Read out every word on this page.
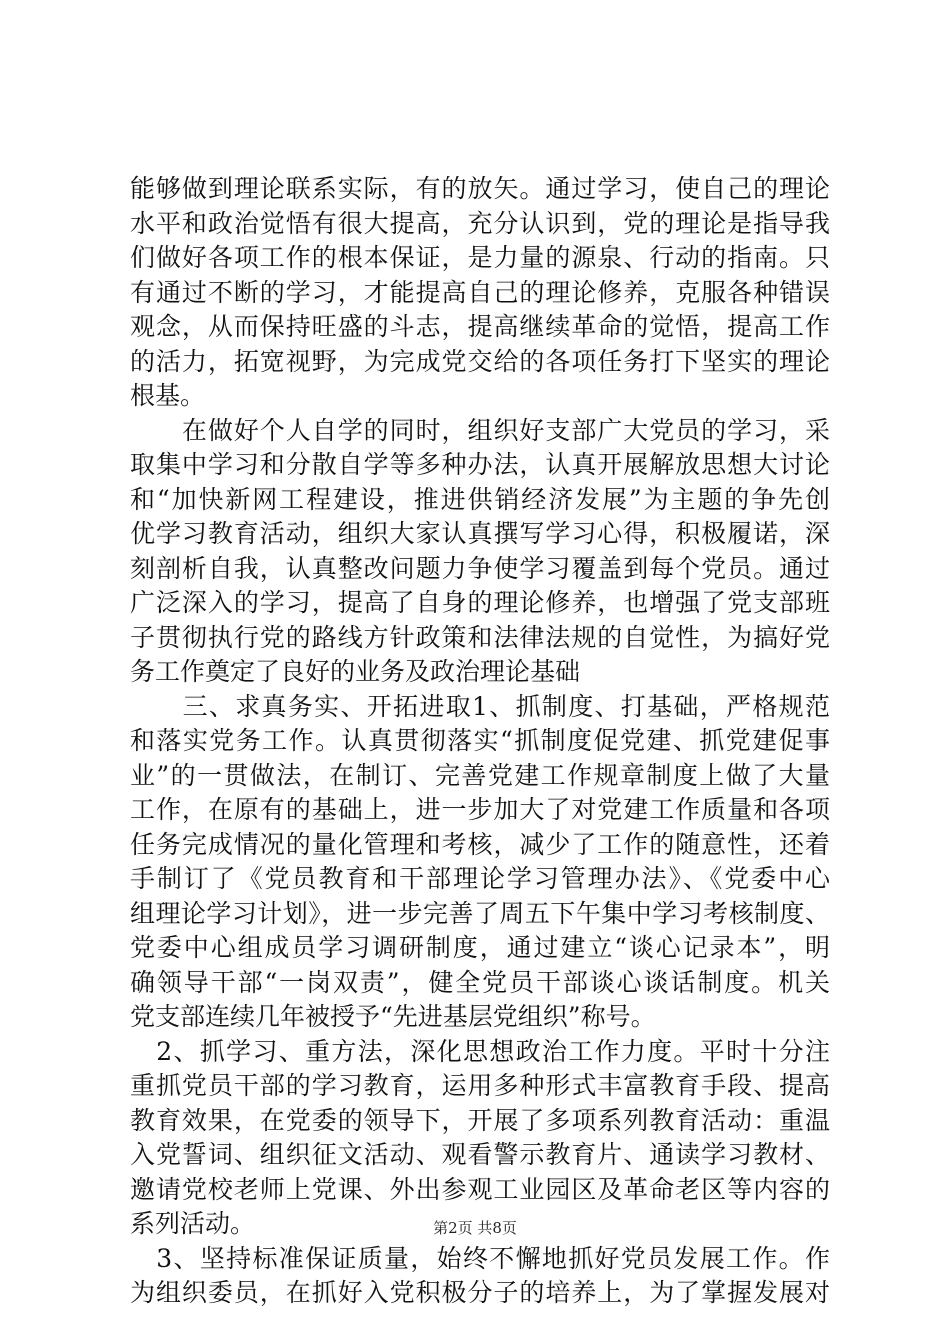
能够做到理论联系实际，有的放矢。通过学习，使自己的理论
水平和政治觉悟有很大提高，充分认识到，党的理论是指导我
们做好各项工作的根本保证，是力量的源泉、行动的指南。只
有通过不断的学习，才能提高自己的理论修养，克服各种错误
观念，从而保持旺盛的斗志，提高继续革命的觉悟，提高工作
的活力，拓宽视野，为完成党交给的各项任务打下坚实的理论
根基。
　　在做好个人自学的同时，组织好支部广大党员的学习，采
取集中学习和分散自学等多种办法，认真开展解放思想大讨论
和“加快新网工程建设，推进供销经济发展”为主题的争先创
优学习教育活动，组织大家认真撰写学习心得，积极履诺，深
刻剖析自我，认真整改问题力争使学习覆盖到每个党员。通过
广泛深入的学习，提高了自身的理论修养，也增强了党支部班
子贯彻执行党的路线方针政策和法律法规的自觉性，为搞好党
务工作奠定了良好的业务及政治理论基础
　　三、求真务实、开拓进取1、抓制度、打基础，严格规范
和落实党务工作。认真贯彻落实“抓制度促党建、抓党建促事
业”的一贯做法，在制订、完善党建工作规章制度上做了大量
工作，在原有的基础上，进一步加大了对党建工作质量和各项
任务完成情况的量化管理和考核，减少了工作的随意性，还着
手制订了《党员教育和干部理论学习管理办法》、《党委中心
组理论学习计划》，进一步完善了周五下午集中学习考核制度、
党委中心组成员学习调研制度，通过建立“谈心记录本”，明
确领导干部“一岗双责”，健全党员干部谈心谈话制度。机关
党支部连续几年被授予“先进基层党组织”称号。
　2、抓学习、重方法，深化思想政治工作力度。平时十分注
重抓党员干部的学习教育，运用多种形式丰富教育手段、提高
教育效果，在党委的领导下，开展了多项系列教育活动：重温
入党誓词、组织征文活动、观看警示教育片、通读学习教材、
邀请党校老师上党课、外出参观工业园区及革命老区等内容的
系列活动。
　3、坚持标准保证质量，始终不懈地抓好党员发展工作。作
为组织委员，在抓好入党积极分子的培养上，为了掌握发展对
第2页 共8页
